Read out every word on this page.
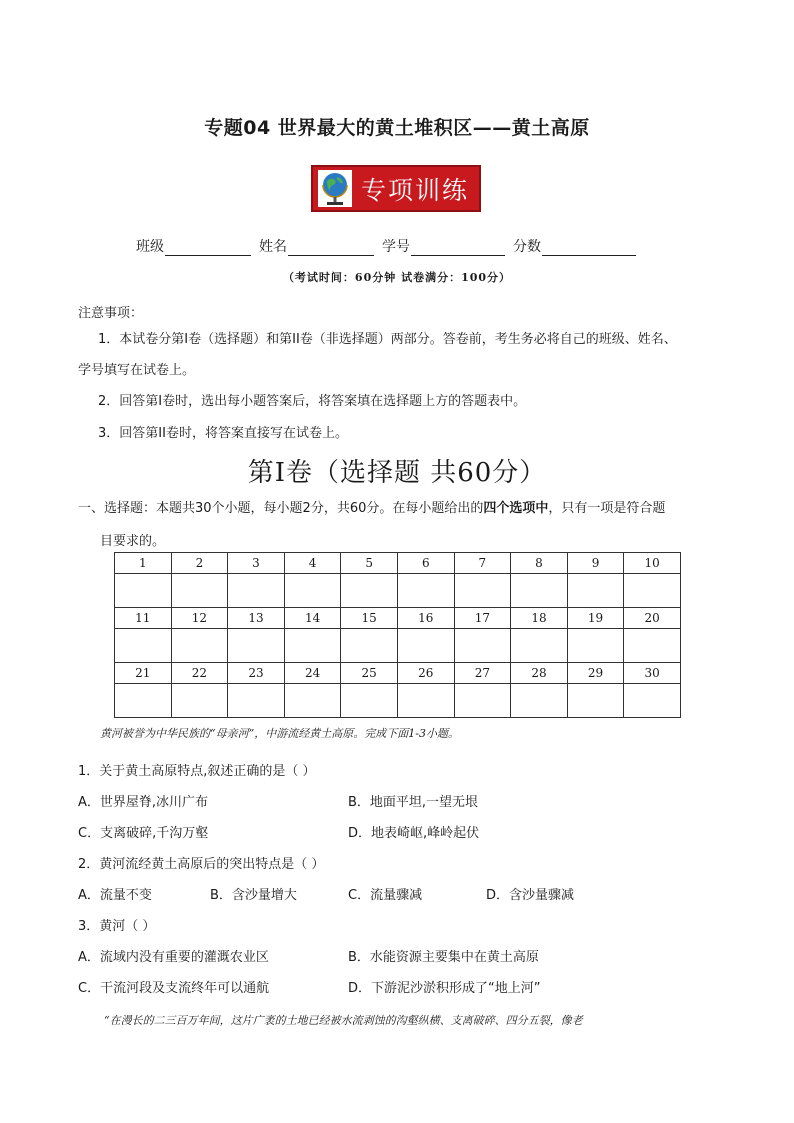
专题04 世界最大的黄土堆积区——黄土高原
专项训练
班级	姓名	学号	分数
（考试时间：60分钟 试卷满分：100分）
注意事项：
1．本试卷分第I卷（选择题）和第II卷（非选择题）两部分。答卷前，考生务必将自己的班级、姓名、
学号填写在试卷上。
2．回答第I卷时，选出每小题答案后，将答案填在选择题上方的答题表中。
3．回答第II卷时，将答案直接写在试卷上。
第I卷（选择题 共60分）
一、选择题：本题共30个小题，每小题2分，共60分。在每小题给出的四个选项中，只有一项是符合题
目要求的。
1	2	3	4	5	6	7	8	9	10

11	12	13	14	15	16	17	18	19	20

21	22	23	24	25	26	27	28	29	30

黄河被誉为中华民族的“母亲河”，中游流经黄土高原。完成下面1-3小题。
1．关于黄土高原特点,叙述正确的是（ ）
A．世界屋脊,冰川广布	B．地面平坦,一望无垠
C．支离破碎,千沟万壑	D．地表崎岖,峰岭起伏
2．黄河流经黄土高原后的突出特点是（ ）
A．流量不变	B．含沙量增大	C．流量骤减	D．含沙量骤减
3．黄河（ ）
A．流域内没有重要的灌溉农业区	B．水能资源主要集中在黄土高原
C．干流河段及支流终年可以通航	D．下游泥沙淤积形成了“地上河”
“在漫长的二三百万年间，这片广袤的土地已经被水流剥蚀的沟壑纵横、支离破碎、四分五裂，像老
